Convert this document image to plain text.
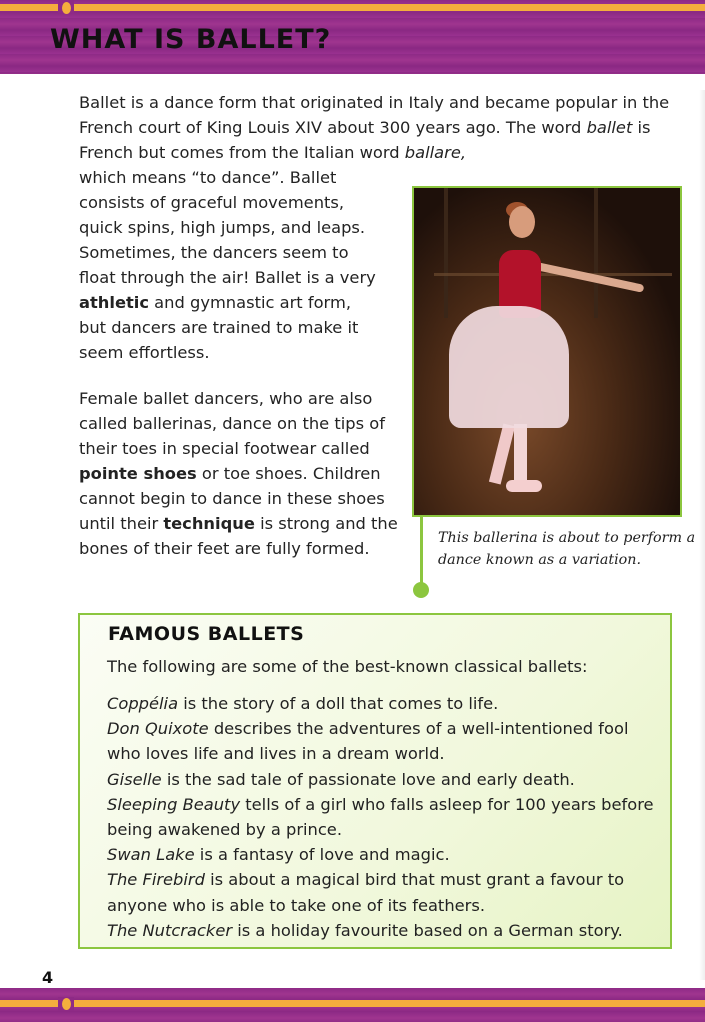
WHAT IS BALLET?
Ballet is a dance form that originated in Italy and became popular in the French court of King Louis XIV about 300 years ago. The word ballet is French but comes from the Italian word ballare,
which means “to dance”. Ballet consists of graceful movements, quick spins, high jumps, and leaps. Sometimes, the dancers seem to float through the air! Ballet is a very athletic and gymnastic art form, but dancers are trained to make it seem effortless.
Female ballet dancers, who are also called ballerinas, dance on the tips of their toes in special footwear called pointe shoes or toe shoes. Children cannot begin to dance in these shoes until their technique is strong and the bones of their feet are fully formed.
This ballerina is about to perform a dance known as a variation.
FAMOUS BALLETS
The following are some of the best-known classical ballets:
Coppélia is the story of a doll that comes to life.
Don Quixote describes the adventures of a well-intentioned fool who loves life and lives in a dream world.
Giselle is the sad tale of passionate love and early death.
Sleeping Beauty tells of a girl who falls asleep for 100 years before being awakened by a prince.
Swan Lake is a fantasy of love and magic.
The Firebird is about a magical bird that must grant a favour to anyone who is able to take one of its feathers.
The Nutcracker is a holiday favourite based on a German story.
4
